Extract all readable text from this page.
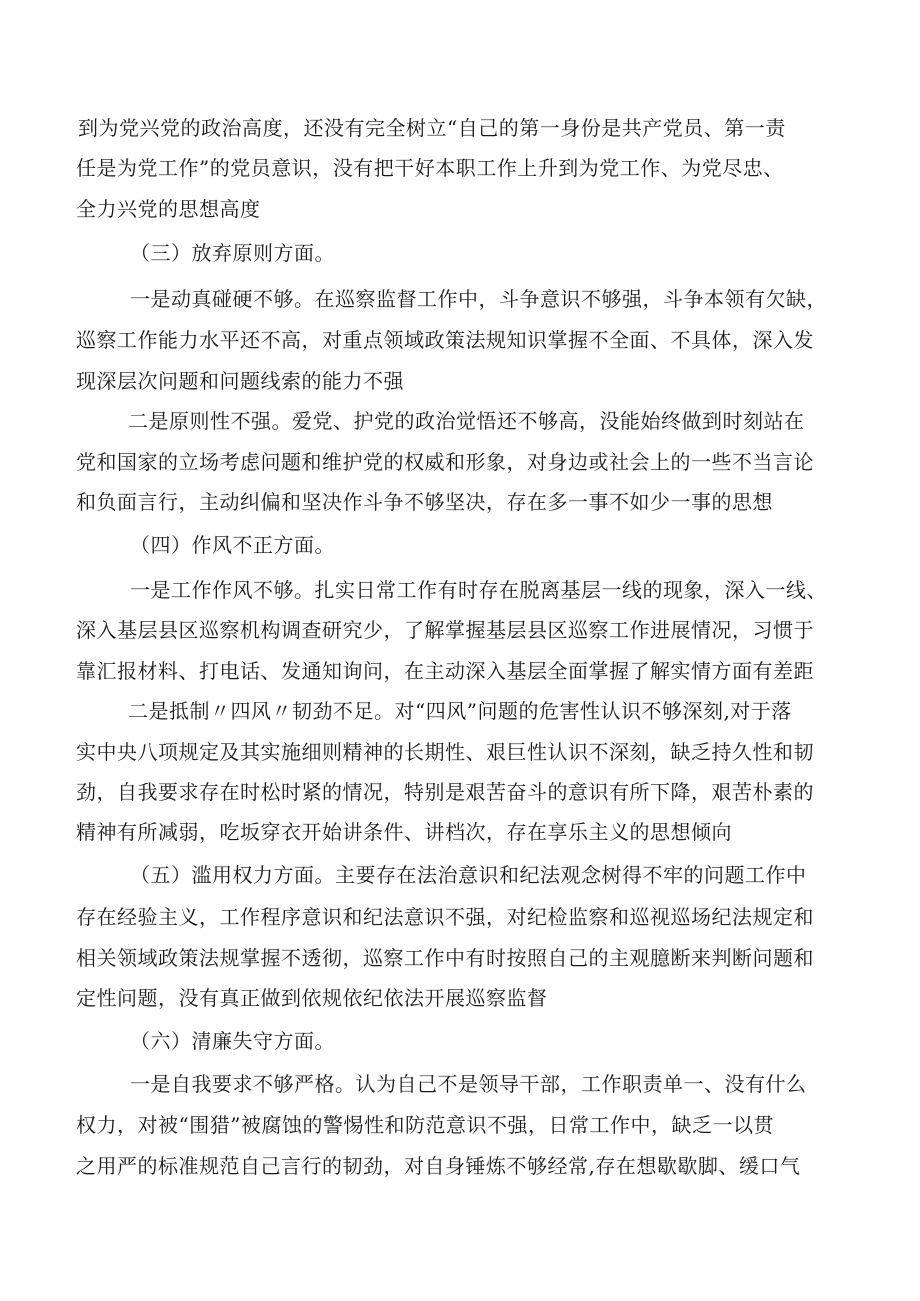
到为党兴党的政治高度，还没有完全树立“自己的第一身份是共产党员、第一责
任是为党工作”的党员意识，没有把干好本职工作上升到为党工作、为党尽忠、
全力兴党的思想高度
（三）放弃原则方面。
一是动真碰硬不够。在巡察监督工作中，斗争意识不够强，斗争本领有欠缺，
巡察工作能力水平还不高，对重点领域政策法规知识掌握不全面、不具体，深入发
现深层次问题和问题线索的能力不强
二是原则性不强。爱党、护党的政治觉悟还不够高，没能始终做到时刻站在
党和国家的立场考虑问题和维护党的权威和形象，对身边或社会上的一些不当言论
和负面言行，主动纠偏和坚决作斗争不够坚决，存在多一事不如少一事的思想
（四）作风不正方面。
一是工作作风不够。扎实日常工作有时存在脱离基层一线的现象，深入一线、
深入基层县区巡察机构调查研究少，了解掌握基层县区巡察工作进展情况，习惯于
靠汇报材料、打电话、发通知询问，在主动深入基层全面掌握了解实情方面有差距
二是抵制〃四风〃韧劲不足。对“四风”问题的危害性认识不够深刻,对于落
实中央八项规定及其实施细则精神的长期性、艰巨性认识不深刻，缺乏持久性和韧
劲，自我要求存在时松时紧的情况，特别是艰苦奋斗的意识有所下降，艰苦朴素的
精神有所减弱，吃坂穿衣开始讲条件、讲档次，存在享乐主义的思想倾向
（五）滥用权力方面。主要存在法治意识和纪法观念树得不牢的问题工作中
存在经验主义，工作程序意识和纪法意识不强，对纪检监察和巡视巡场纪法规定和
相关领域政策法规掌握不透彻，巡察工作中有时按照自己的主观臆断来判断问题和
定性问题，没有真正做到依规依纪依法开展巡察监督
（六）清廉失守方面。
一是自我要求不够严格。认为自己不是领导干部，工作职责单一、没有什么
权力，对被“围猎”被腐蚀的警惕性和防范意识不强，日常工作中，缺乏一以贯
之用严的标准规范自己言行的韧劲，对自身锤炼不够经常,存在想歇歇脚、缓口气
